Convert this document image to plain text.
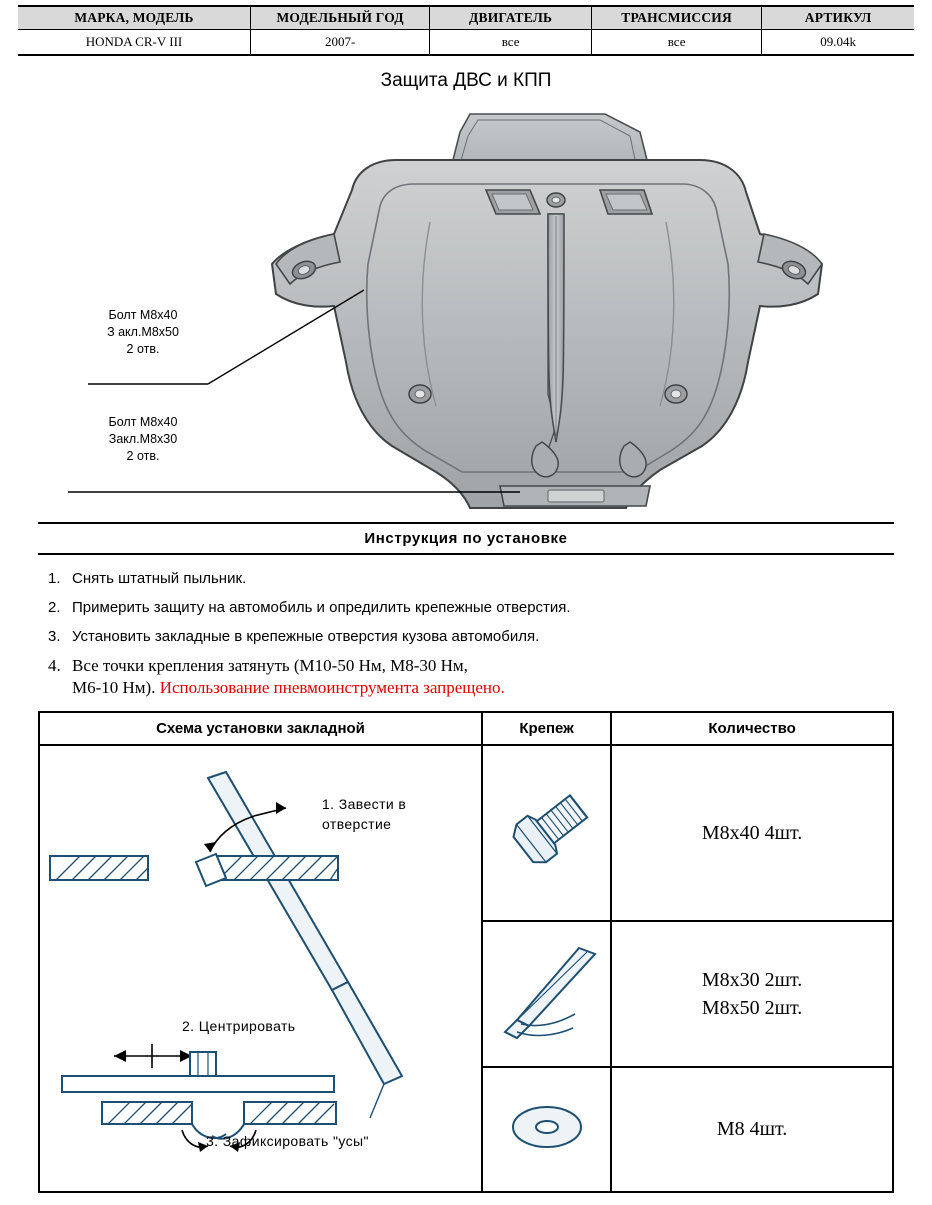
МАРКА, МОДЕЛЬ	МОДЕЛЬНЫЙ ГОД	ДВИГАТЕЛЬ	ТРАНСМИССИЯ	АРТИКУЛ
HONDA CR-V III	2007-	все	все	09.04k
Защита ДВС и КПП
Болт M8x40
З акл.M8x50
2 отв.
Болт M8x40
Закл.M8x30
2 отв.
Инструкция по установке
1. Снять штатный пыльник.
2. Примерить защиту на автомобиль и опредилить крепежные отверстия.
3. Установить закладные в крепежные отверстия кузова автомобиля.
4. Все точки крепления затянуть (М10-50 Нм, М8-30 Нм,
М6-10 Нм). Использование пневмоинструмента запрещено.
Схема установки закладной	Крепеж	Количество

1. Завести в
отверстие
2. Центрировать
3. Зафиксировать "усы"		M8x40 4шт.
	M8x30 2шт.
M8x50 2шт.
	M8 4шт.
